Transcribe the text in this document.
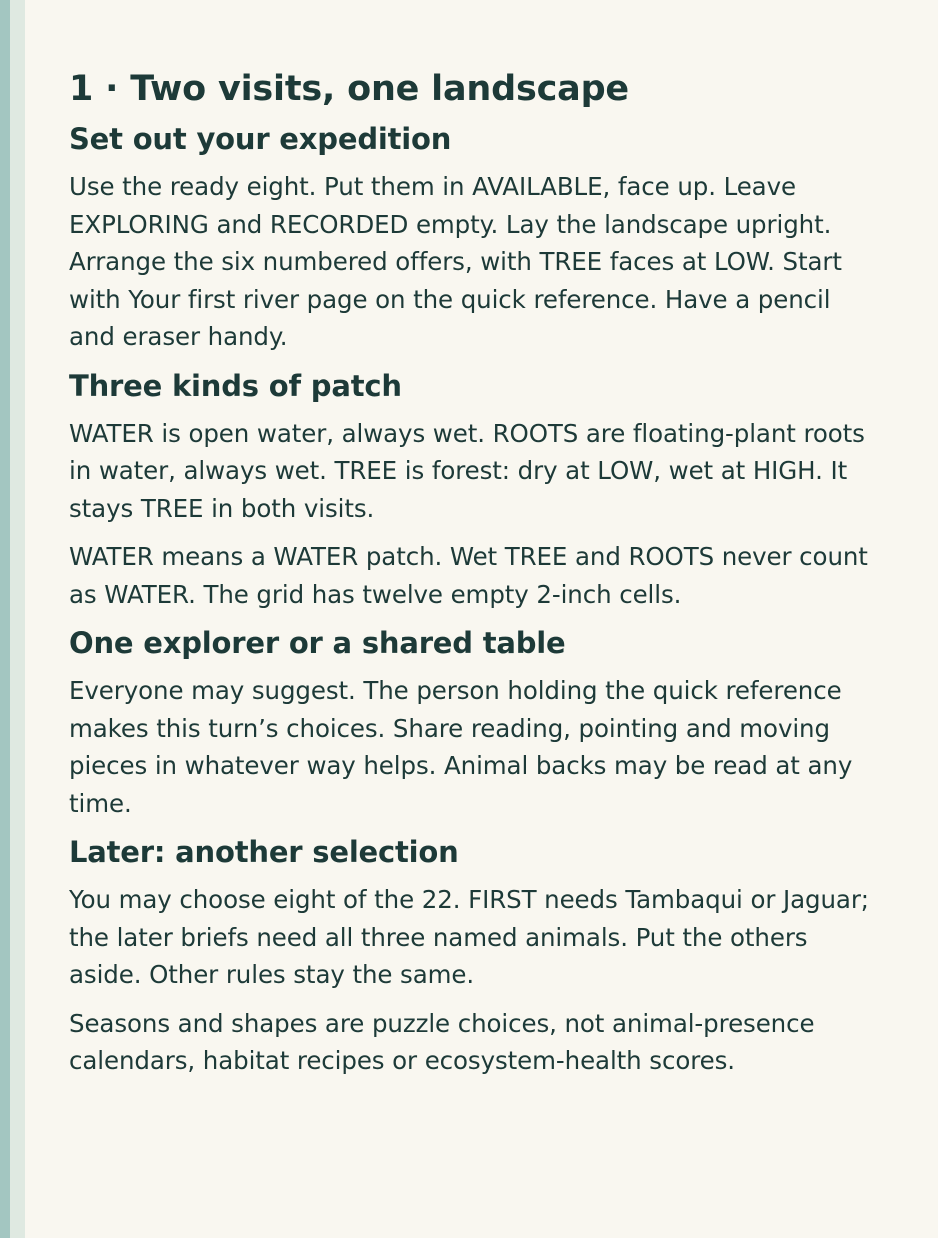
1 · Two visits, one landscape
Set out your expedition

Use the ready eight. Put them in AVAILABLE, face up. Leave EXPLORING and RECORDED empty. Lay the landscape upright. Arrange the six numbered offers, with TREE faces at LOW. Start with Your first river page on the quick reference. Have a pencil and eraser handy.

Three kinds of patch

WATER is open water, always wet. ROOTS are floating-plant roots in water, always wet. TREE is forest: dry at LOW, wet at HIGH. It stays TREE in both visits.

WATER means a WATER patch. Wet TREE and ROOTS never count as WATER. The grid has twelve empty 2-inch cells.

One explorer or a shared table

Everyone may suggest. The person holding the quick reference makes this turn’s choices. Share reading, pointing and moving pieces in whatever way helps. Animal backs may be read at any time.

Later: another selection

You may choose eight of the 22. FIRST needs Tambaqui or Jaguar; the later briefs need all three named animals. Put the others aside. Other rules stay the same.

Seasons and shapes are puzzle choices, not animal-presence calendars, habitat recipes or ecosystem-health scores.
